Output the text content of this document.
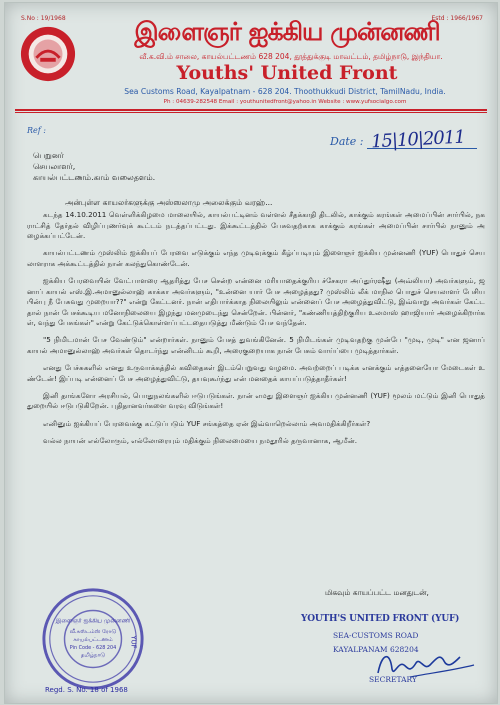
S.No : 19/1968	Estd : 1966/1967
இளைஞர் ஐக்கிய முன்னணி
வீ.க.வி.ம் சாலை, காயல்பட்டணம் 628 204, தூத்துக்குடி மாவட்டம், தமிழ்நாடு, இந்தியா.
Youths' United Front
Sea Customs Road, Kayalpatnam - 628 204. Thoothukkudi District, TamilNadu, India.
Ph : 04639-282548 Email : youthunitedfront@yahoo.in Website : www.yufsocialgo.com
Ref :
Date : 15|10|2011
பெறுனர்
செயலாளர்,
காயல்பட்டணம்.காம் வலைதளம்.
அன்புள்ள காயலர்களுக்கு அஸ்ஸலாமு அலைக்கும் வரஹ்...

கடந்த 14.10.2011 வெள்ளிக்கிழமை மாலையில், காயல்பட்டினம் வள்ளல் சீதக்காதி திடலில், காக்கும் கரங்கள் அமைப்பின் சார்பில், நகராட்சித் தேர்தல் விழிப்புணர்வுக் கூட்டம் நடத்தப்பட்டது. இக்கூட்டத்தில் பேசுவதற்காக காக்கும் கரங்கள் அமைப்பின் சார்பில் நானும் அழைக்கப்பட்டேன்.

காயல்பட்டணம் முஸ்லிம் ஐக்கியப் பேரவை எடுக்கும் எந்த முடிவுக்கும் கீழ்ப்படியும் இளைஞர் ஐக்கிய முன்னணி (YUF) பொதுச் செயலாளராக அக்கூட்டத்தில் நான் கலந்துகொண்டேன்.

ஐக்கிய பேரவையின் வேட்பாளரை ஆதரித்து பேச சென்ற என்னை மரியாதைக்குரிய ச்சேகரா அப்துர்ரஷீது (அவ்லியா) அவர்களும், ஜனாப் காயல் எஸ்.இ.அமானுல்லாஹ் காக்கா அவர்களும், "உன்னை யார் பேச அழைத்தது? முஸ்லிம் லீக் மாநில பொதுச் செயலாளர் பேசிய பின்பு நீ பேசுவது முறையா??" என்று கேட்டனர். நான் எதிபார்க்காத நிலையிலும் என்னைப் பேச அழைத்துவிட்டு, இவ்வாறு அவர்கள் கேட்டதால் நான் பேசக்கூடிய மனோநிலையை இழந்து மனமுடைந்து சென்றேன். பின்னர், "கண்ணியத்திற்குரிய உலமாஸ் ஹாஜியார் அழைக்கிறார்கள், வந்து பேசுங்கள்" என்று கேட்டுக்கொள்ளப்பட்டதையடுத்து மீண்டும் பேச வந்தேன்.

"5 நிமிடமான் பேச வேண்டும்" என்றார்கள். நானும் பேசத் துவங்கினேன். 5 நிமிடங்கள் முடிவதற்கு முன்பே "முடி, முடி" என ஜனாப் காயல் அமானுல்லாஹ் அவர்கள் தொடர்ந்து என்னிடம் கூறி, அரைகுறையாக நான் பேசும் வாய்ப்பை முடித்தார்கள்.

எனது பேச்சுகளில் எனது உருவாக்கத்தில் கவிதைகள் இடம்பெறுவது வழமை. அவற்றைப் படிக்க எனக்கும் எத்தனையோ மேடைகள் உண்டேன்! இப்படி என்னைப் பேச அழைத்துவிட்டு, தயவுகூர்ந்து என் மனதைக் காயப்படுத்தாதீர்கள்!

இனி தாங்களோ அரசியல், பொதுநலங்களில் ஈடுபடுங்கள். நான் எமது இளைஞர் ஐக்கிய முன்னணி (YUF) மூலம் மட்டும் இனி பொதுத் துறையில் ஈடுபடுகிறேன். புதிதானவர்களை வரவு விடுங்கள்!

எனினும் ஐக்கியப் பேரவைக்கு கட்டுப்படும் YUF சங்கத்தை ஏன் இவ்வாறெல்லாம் அவமதிக்கிறீர்கள்?

வல்ல நாயன் எல்லோரும், எல்லோரையும் மதிக்கும் நிலைமையை நமதூரில் தருவானாக, ஆமீன்.

மிகவும் காயப்பட்ட மனதுடன்,
இளைஞர் ஐக்கிய முன்னணி
YUF
வீ.கஸ்டம்ஸ் ரோடு
காயல்பட்டணம்
Pin Code - 628 204
தமிழ்நாடு
Regd. S. No. 18 of 1968
YOUTH'S UNITED FRONT (YUF)
SEA-CUSTOMS ROAD
KAYALPANAM 628204
SECRETARY
